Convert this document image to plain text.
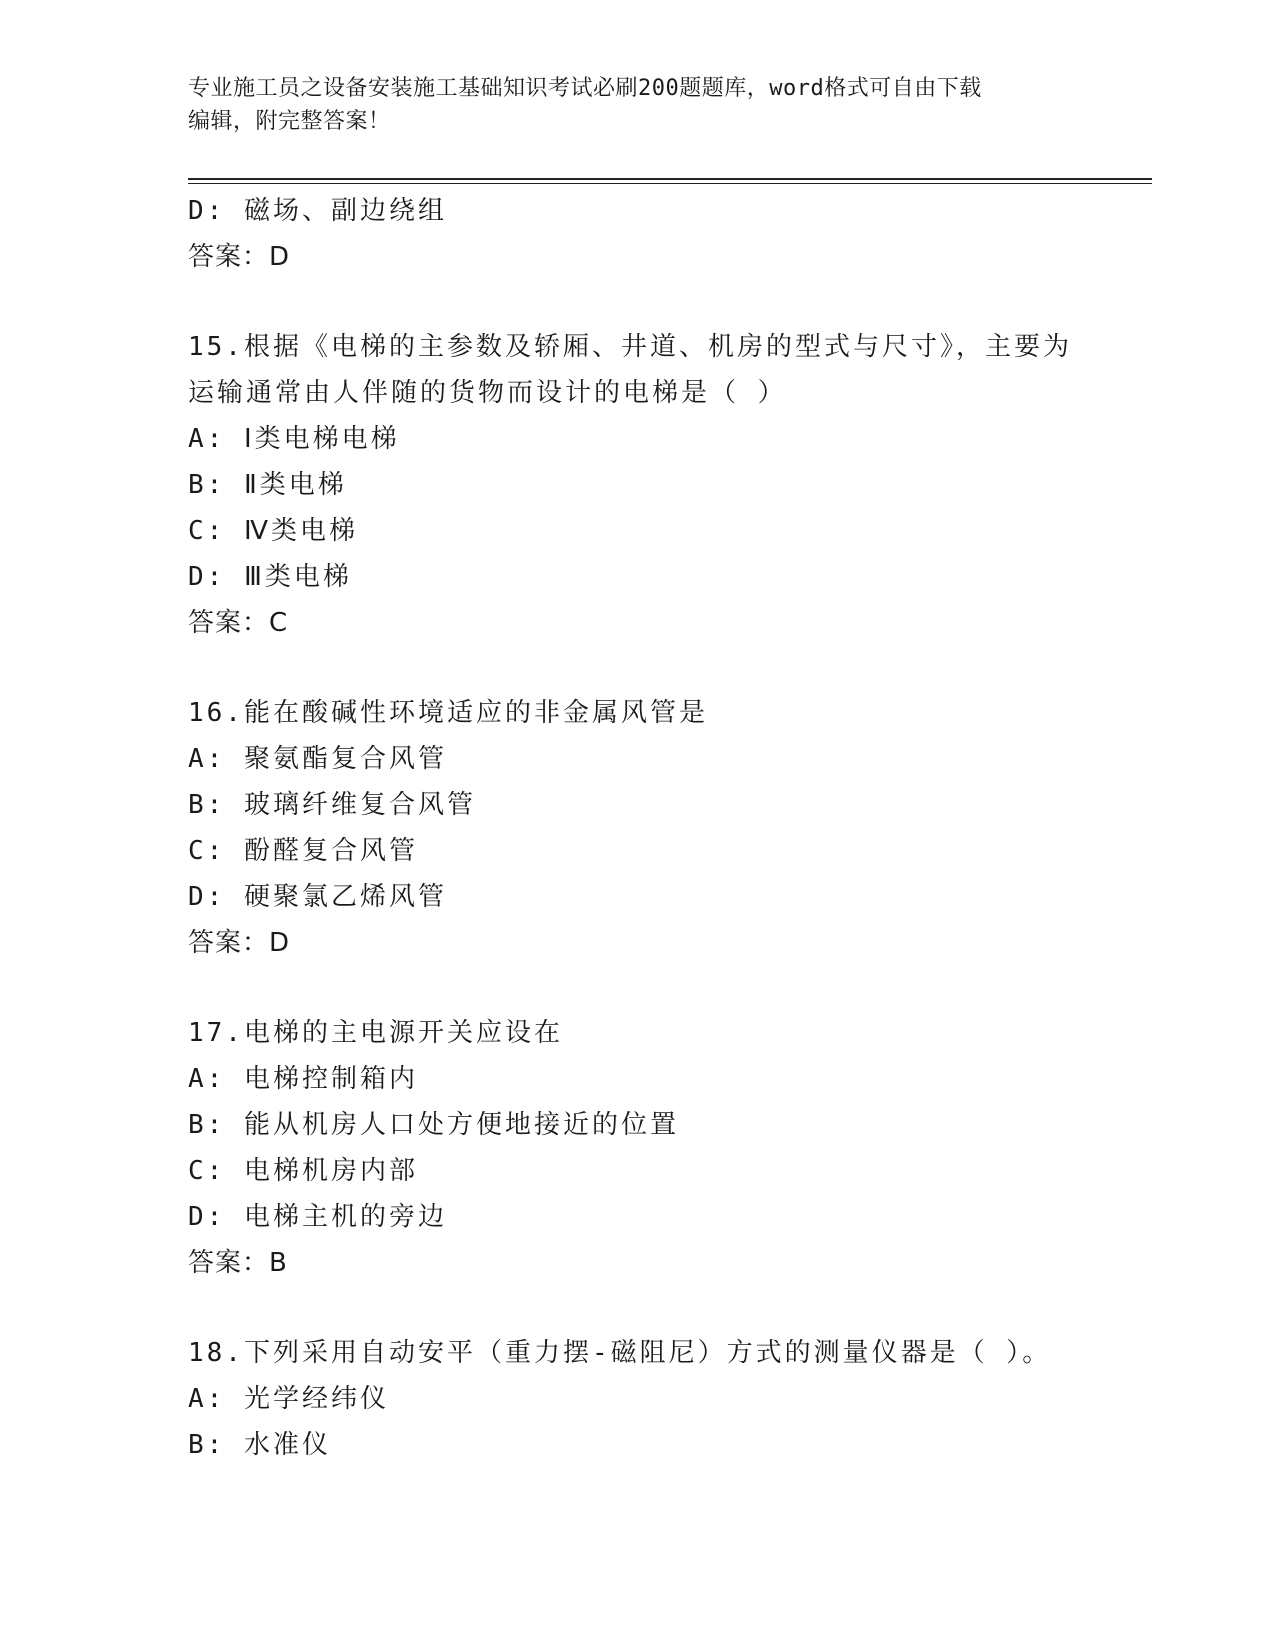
专业施工员之设备安装施工基础知识考试必刷200题题库，word格式可自由下载
编辑，附完整答案！
D: 磁场、副边绕组
答案：D
15.根据《电梯的主参数及轿厢、井道、机房的型式与尺寸》，主要为
运输通常由人伴随的货物而设计的电梯是（ ）
A: Ⅰ类电梯电梯
B: Ⅱ类电梯
C: Ⅳ类电梯
D: Ⅲ类电梯
答案：C
16.能在酸碱性环境适应的非金属风管是
A: 聚氨酯复合风管
B: 玻璃纤维复合风管
C: 酚醛复合风管
D: 硬聚氯乙烯风管
答案：D
17.电梯的主电源开关应设在
A: 电梯控制箱内
B: 能从机房人口处方便地接近的位置
C: 电梯机房内部
D: 电梯主机的旁边
答案：B
18.下列采用自动安平（重力摆-磁阻尼）方式的测量仪器是（ ）。
A: 光学经纬仪
B: 水准仪
